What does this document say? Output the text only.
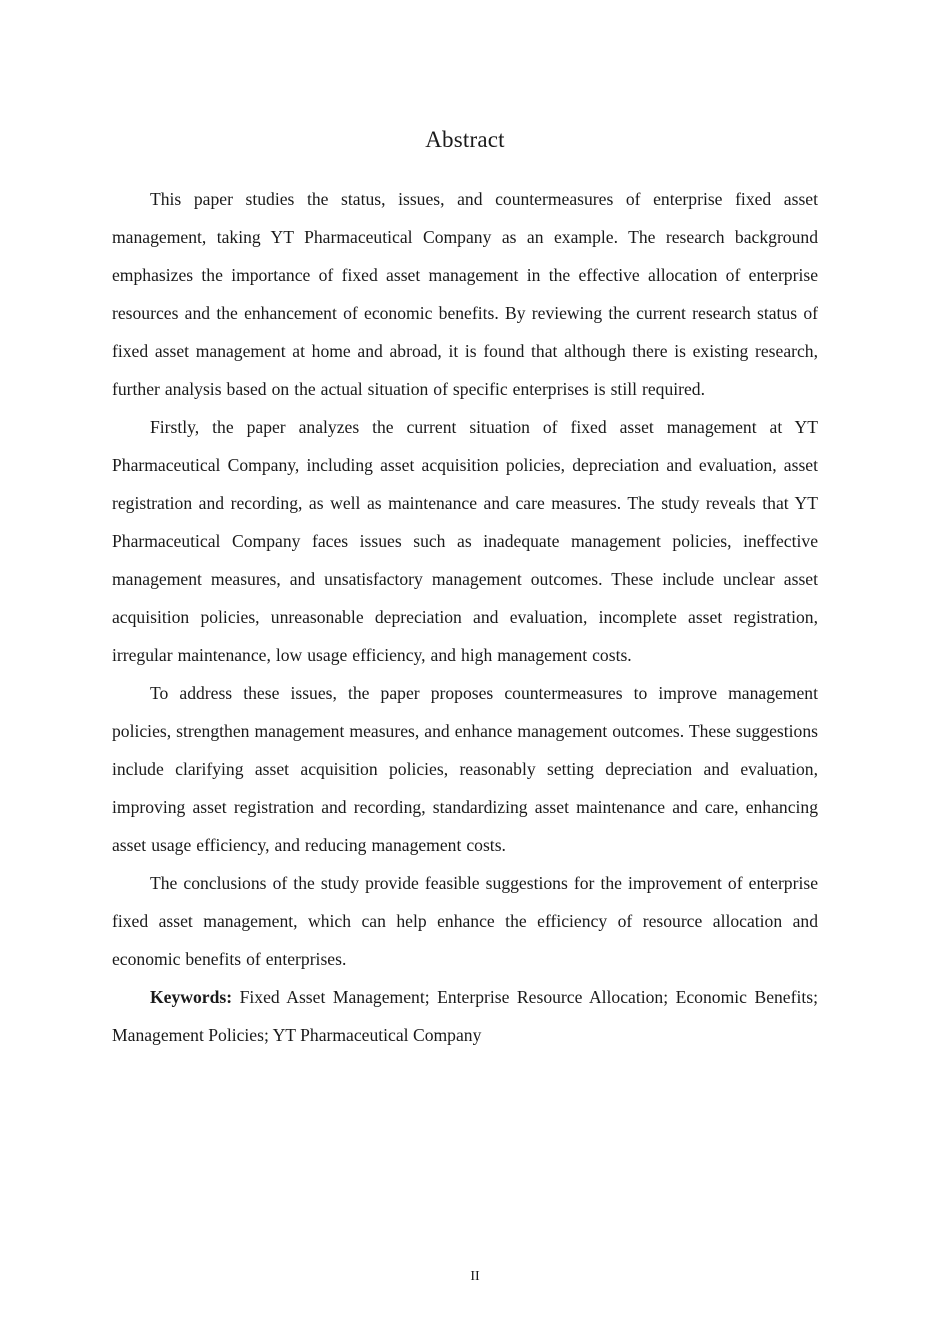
Abstract

This paper studies the status, issues, and countermeasures of enterprise fixed asset management, taking YT Pharmaceutical Company as an example. The research background emphasizes the importance of fixed asset management in the effective allocation of enterprise resources and the enhancement of economic benefits. By reviewing the current research status of fixed asset management at home and abroad, it is found that although there is existing research, further analysis based on the actual situation of specific enterprises is still required.

Firstly, the paper analyzes the current situation of fixed asset management at YT Pharmaceutical Company, including asset acquisition policies, depreciation and evaluation, asset registration and recording, as well as maintenance and care measures. The study reveals that YT Pharmaceutical Company faces issues such as inadequate management policies, ineffective management measures, and unsatisfactory management outcomes. These include unclear asset acquisition policies, unreasonable depreciation and evaluation, incomplete asset registration, irregular maintenance, low usage efficiency, and high management costs.

To address these issues, the paper proposes countermeasures to improve management policies, strengthen management measures, and enhance management outcomes. These suggestions include clarifying asset acquisition policies, reasonably setting depreciation and evaluation, improving asset registration and recording, standardizing asset maintenance and care, enhancing asset usage efficiency, and reducing management costs.

The conclusions of the study provide feasible suggestions for the improvement of enterprise fixed asset management, which can help enhance the efficiency of resource allocation and economic benefits of enterprises.

Keywords: Fixed Asset Management; Enterprise Resource Allocation; Economic Benefits; Management Policies; YT Pharmaceutical Company

II
